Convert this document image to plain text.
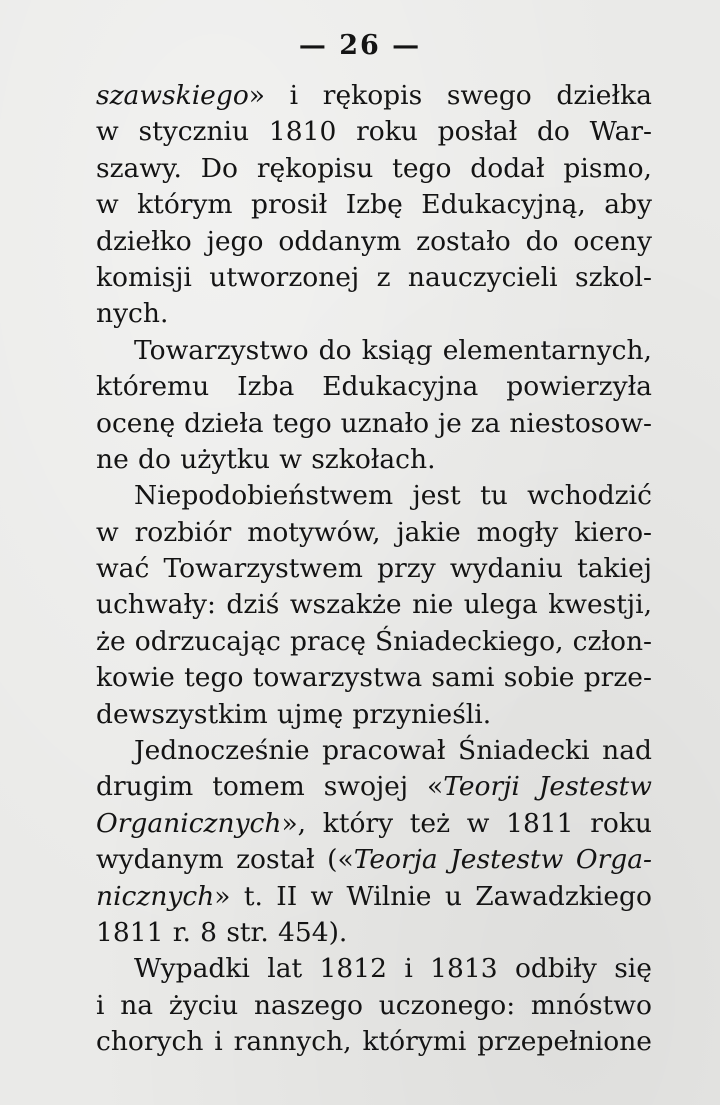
— 26 —
szawskiego» i rękopis swego dziełka
w styczniu 1810 roku posłał do War-
szawy. Do rękopisu tego dodał pismo,
w którym prosił Izbę Edukacyjną, aby
dziełko jego oddanym zostało do oceny
komisji utworzonej z nauczycieli szkol-
nych.
Towarzystwo do ksiąg elementarnych,
któremu Izba Edukacyjna powierzyła
ocenę dzieła tego uznało je za niestosow-
ne do użytku w szkołach.
Niepodobieństwem jest tu wchodzić
w rozbiór motywów, jakie mogły kiero-
wać Towarzystwem przy wydaniu takiej
uchwały: dziś wszakże nie ulega kwestji,
że odrzucając pracę Śniadeckiego, człon-
kowie tego towarzystwa sami sobie prze-
dewszystkim ujmę przynieśli.
Jednocześnie pracował Śniadecki nad
drugim tomem swojej «Teorji Jestestw
Organicznych», który też w 1811 roku
wydanym został («Teorja Jestestw Orga-
nicznych» t. II w Wilnie u Zawadzkiego
1811 r. 8 str. 454).
Wypadki lat 1812 i 1813 odbiły się
i na życiu naszego uczonego: mnóstwo
chorych i rannych, którymi przepełnione
